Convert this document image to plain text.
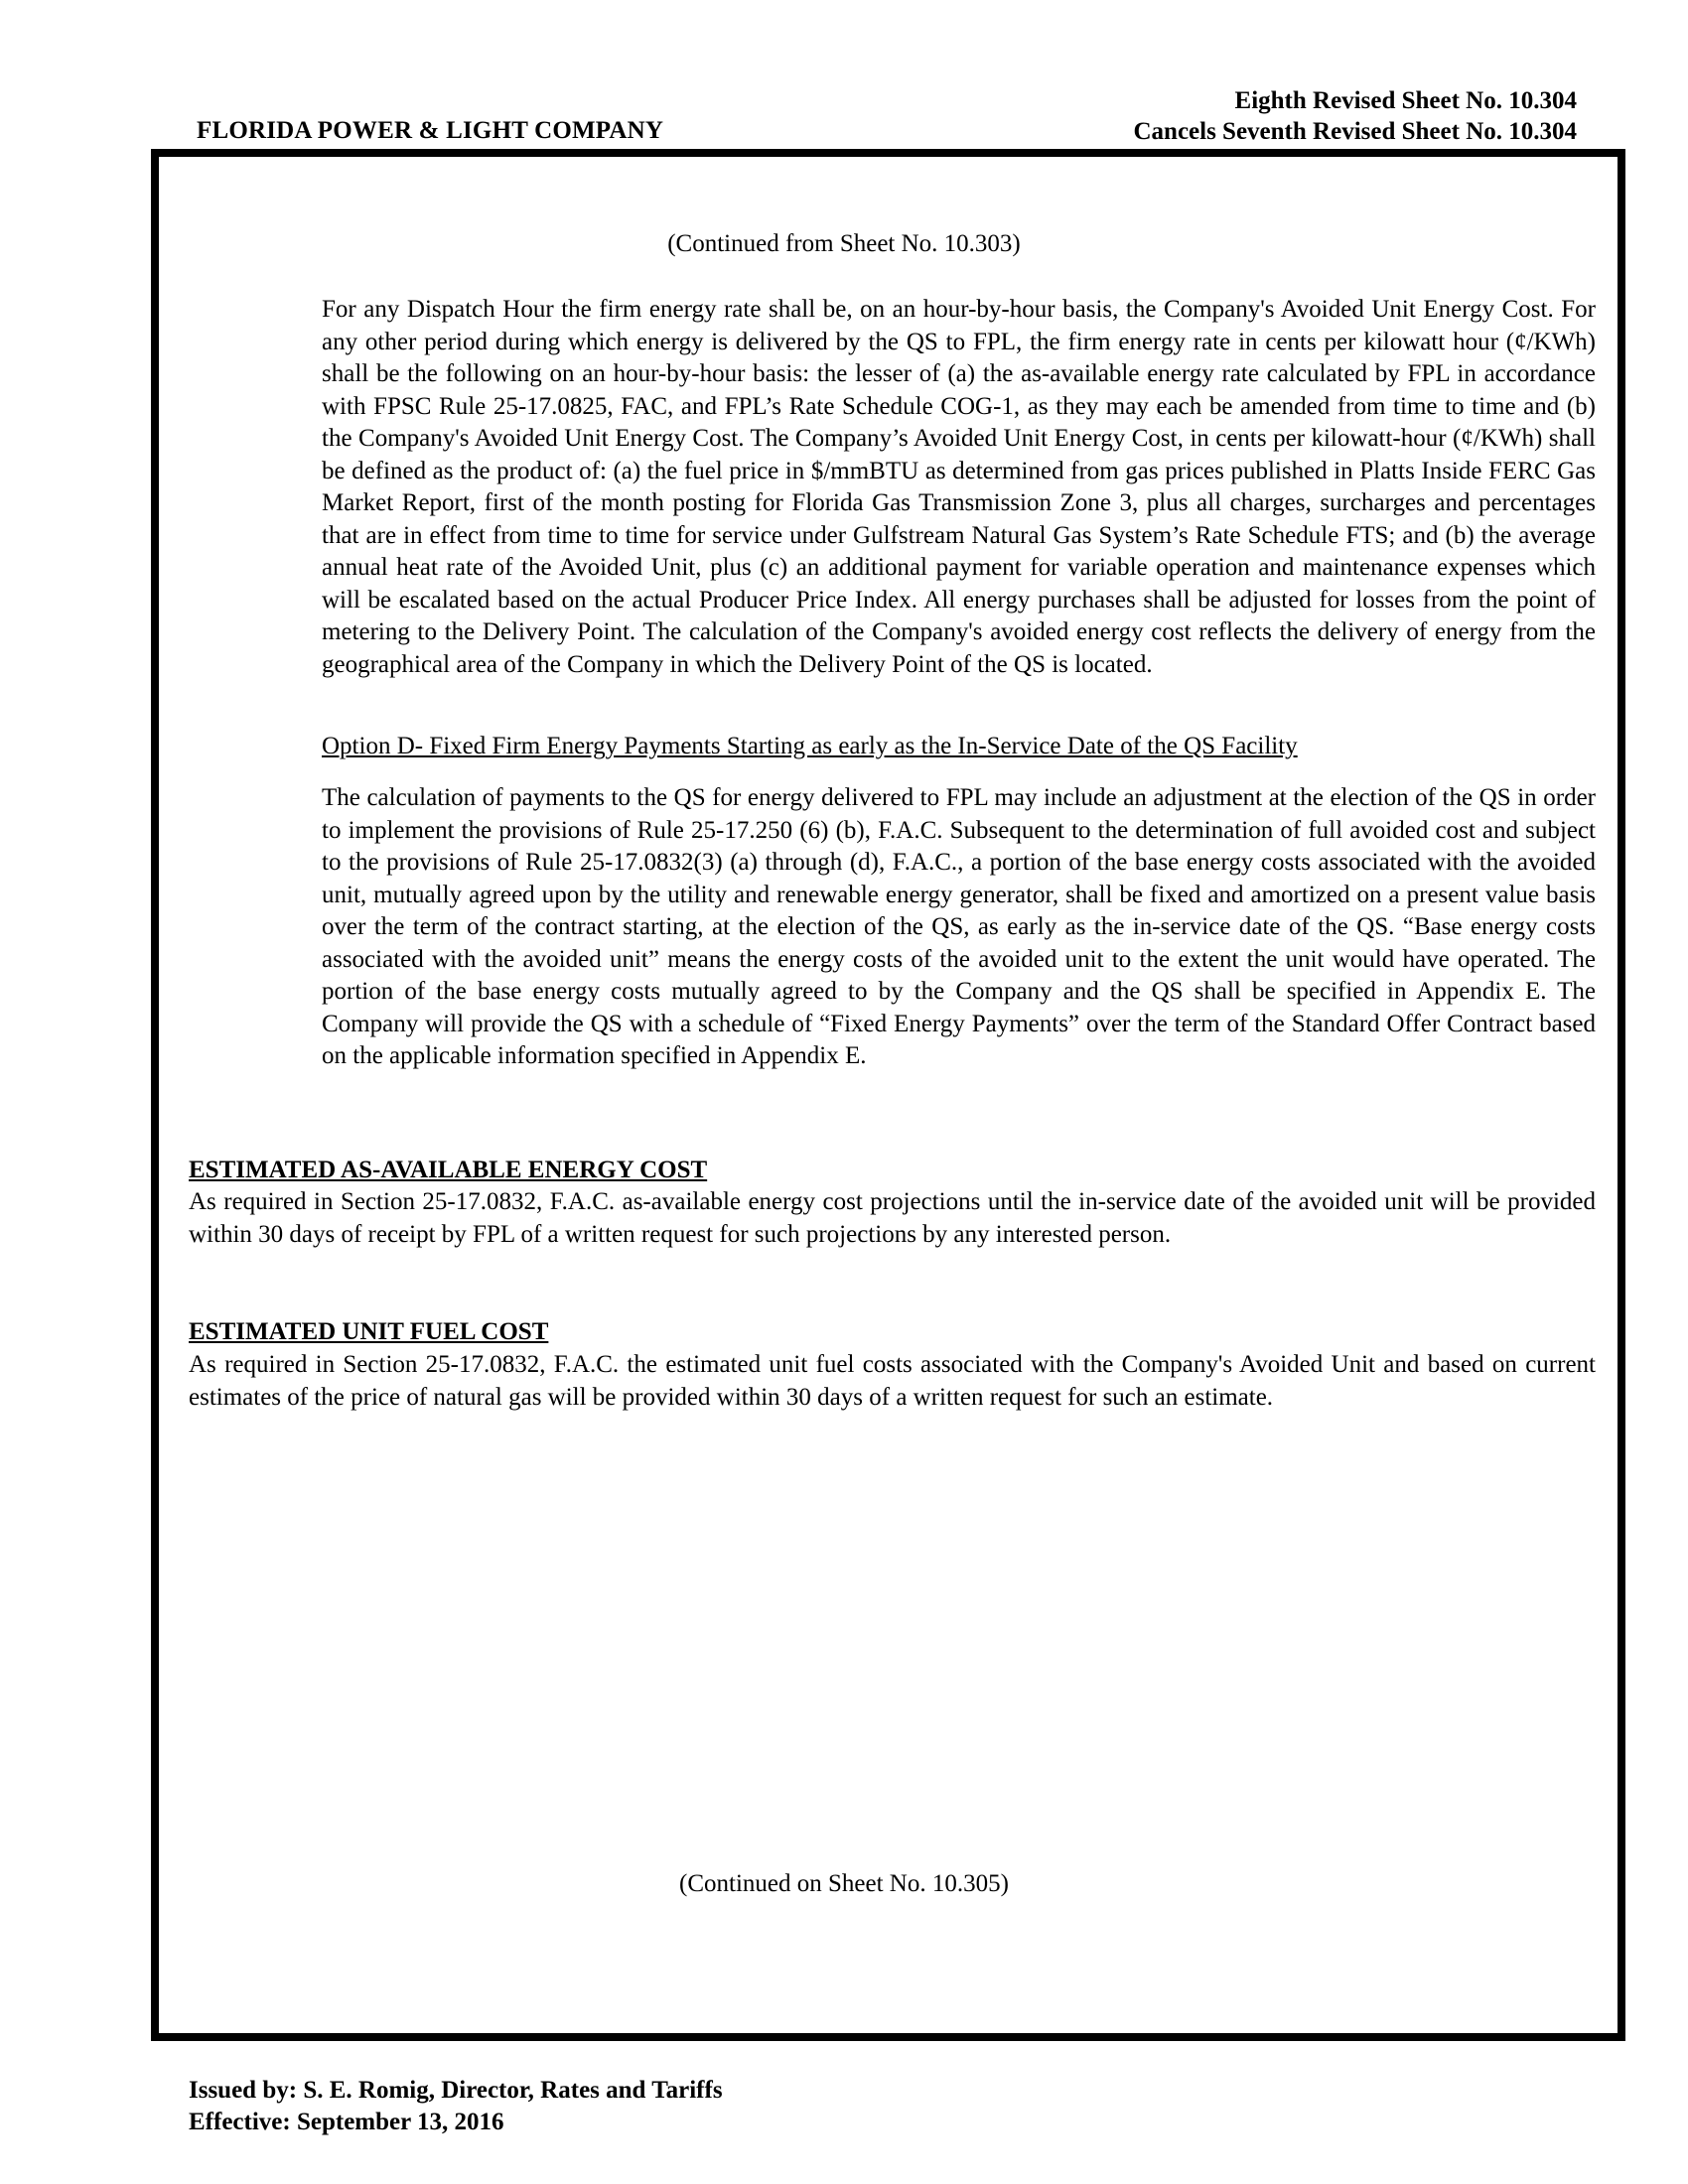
FLORIDA POWER & LIGHT COMPANY
Eighth Revised Sheet No. 10.304
Cancels Seventh Revised Sheet No. 10.304
(Continued from Sheet No. 10.303)

For any Dispatch Hour the firm energy rate shall be, on an hour-by-hour basis, the Company's Avoided Unit Energy Cost. For any other period during which energy is delivered by the QS to FPL, the firm energy rate in cents per kilowatt hour (¢/KWh) shall be the following on an hour-by-hour basis: the lesser of (a) the as-available energy rate calculated by FPL in accordance with FPSC Rule 25-17.0825, FAC, and FPL’s Rate Schedule COG-1, as they may each be amended from time to time and (b) the Company's Avoided Unit Energy Cost. The Company’s Avoided Unit Energy Cost, in cents per kilowatt-hour (¢/KWh) shall be defined as the product of: (a) the fuel price in $/mmBTU as determined from gas prices published in Platts Inside FERC Gas Market Report, first of the month posting for Florida Gas Transmission Zone 3, plus all charges, surcharges and percentages that are in effect from time to time for service under Gulfstream Natural Gas System’s Rate Schedule FTS; and (b) the average annual heat rate of the Avoided Unit, plus (c) an additional payment for variable operation and maintenance expenses which will be escalated based on the actual Producer Price Index. All energy purchases shall be adjusted for losses from the point of metering to the Delivery Point. The calculation of the Company's avoided energy cost reflects the delivery of energy from the geographical area of the Company in which the Delivery Point of the QS is located.

Option D- Fixed Firm Energy Payments Starting as early as the In-Service Date of the QS Facility

The calculation of payments to the QS for energy delivered to FPL may include an adjustment at the election of the QS in order to implement the provisions of Rule 25-17.250 (6) (b), F.A.C. Subsequent to the determination of full avoided cost and subject to the provisions of Rule 25-17.0832(3) (a) through (d), F.A.C., a portion of the base energy costs associated with the avoided unit, mutually agreed upon by the utility and renewable energy generator, shall be fixed and amortized on a present value basis over the term of the contract starting, at the election of the QS, as early as the in-service date of the QS. “Base energy costs associated with the avoided unit” means the energy costs of the avoided unit to the extent the unit would have operated. The portion of the base energy costs mutually agreed to by the Company and the QS shall be specified in Appendix E. The Company will provide the QS with a schedule of “Fixed Energy Payments” over the term of the Standard Offer Contract based on the applicable information specified in Appendix E.

ESTIMATED AS-AVAILABLE ENERGY COST

As required in Section 25-17.0832, F.A.C. as-available energy cost projections until the in-service date of the avoided unit will be provided within 30 days of receipt by FPL of a written request for such projections by any interested person.

ESTIMATED UNIT FUEL COST

As required in Section 25-17.0832, F.A.C. the estimated unit fuel costs associated with the Company's Avoided Unit and based on current estimates of the price of natural gas will be provided within 30 days of a written request for such an estimate.

(Continued on Sheet No. 10.305)
Issued by: S. E. Romig, Director, Rates and Tariffs
Effective: September 13, 2016
